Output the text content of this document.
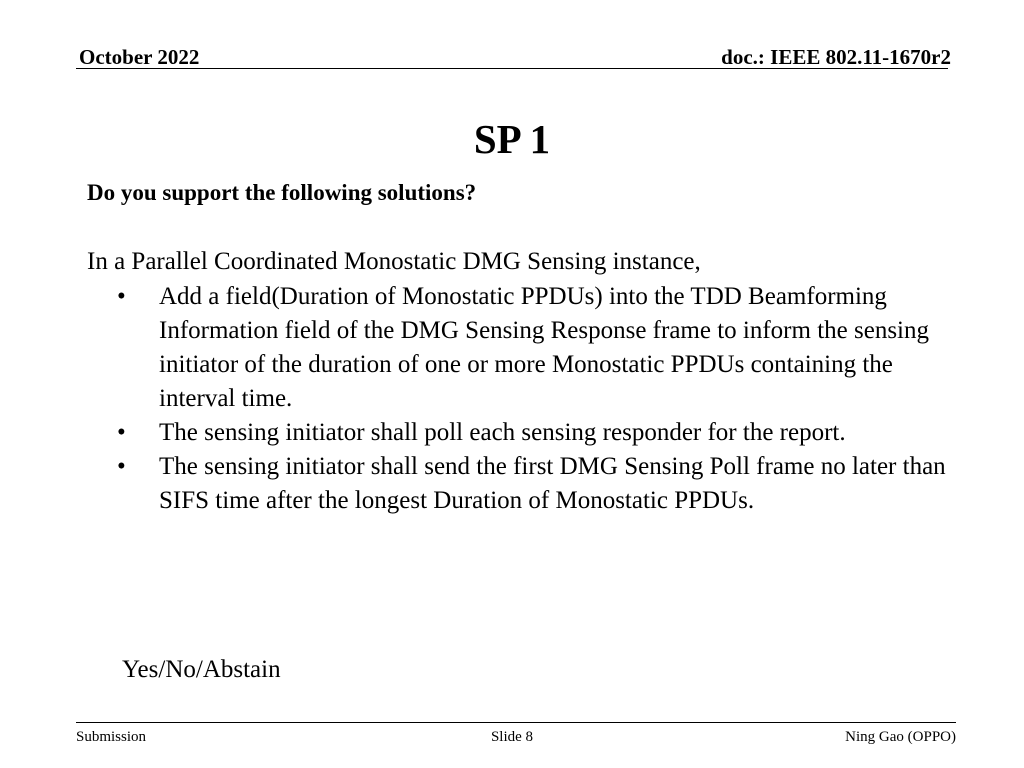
October 2022	doc.: IEEE 802.11-1670r2
SP 1
Do you support the following solutions?
In a Parallel Coordinated Monostatic DMG Sensing instance,
•	Add a field(Duration of Monostatic PPDUs) into the TDD Beamforming Information field of the DMG Sensing Response frame to inform the sensing initiator of the duration of one or more Monostatic PPDUs containing the interval time.
•	The sensing initiator shall poll each sensing responder for the report.
•	The sensing initiator shall send the first DMG Sensing Poll frame no later than SIFS time after the longest Duration of Monostatic PPDUs.
Yes/No/Abstain
Submission	Slide 8	Ning Gao (OPPO)
